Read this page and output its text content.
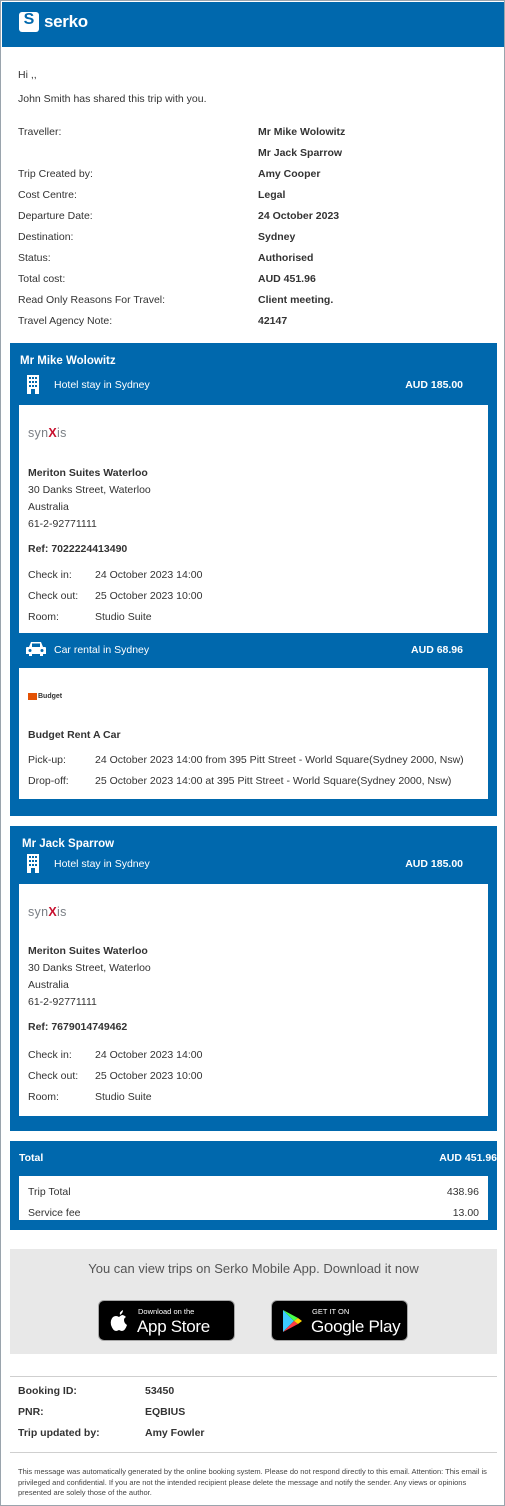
S serko
Hi ,,
John Smith has shared this trip with you.
Traveller:	Mr Mike Wolowitz
Mr Jack Sparrow
Trip Created by:	Amy Cooper
Cost Centre:	Legal
Departure Date:	24 October 2023
Destination:	Sydney
Status:	Authorised
Total cost:	AUD 451.96
Read Only Reasons For Travel:	Client meeting.
Travel Agency Note:	42147
Mr Mike Wolowitz
Hotel stay in Sydney	AUD 185.00
synXis
Meriton Suites Waterloo
30 Danks Street, Waterloo
Australia
61-2-92771111
Ref: 7022224413490
Check in: 24 October 2023 14:00
Check out: 25 October 2023 10:00
Room:	Studio Suite
Car rental in Sydney	AUD 68.96
Budget
Budget Rent A Car
Pick-up:	24 October 2023 14:00 from 395 Pitt Street - World Square(Sydney 2000, Nsw)
Drop-off:	25 October 2023 14:00 at 395 Pitt Street - World Square(Sydney 2000, Nsw)
Mr Jack Sparrow
Hotel stay in Sydney	AUD 185.00
synXis
Meriton Suites Waterloo
30 Danks Street, Waterloo
Australia
61-2-92771111
Ref: 7679014749462
Check in: 24 October 2023 14:00
Check out: 25 October 2023 10:00
Room:	Studio Suite
Total	AUD 451.96
Trip Total	438.96
Service fee	13.00
You can view trips on Serko Mobile App. Download it now
Download on the
App Store
GET IT ON
Google Play
Booking ID:	53450
PNR:	EQBIUS
Trip updated by:	Amy Fowler
This message was automatically generated by the online booking system. Please do not respond directly to this email. Attention: This email is privileged and confidential. If you are not the intended recipient please delete the message and notify the sender. Any views or opinions presented are solely those of the author.
